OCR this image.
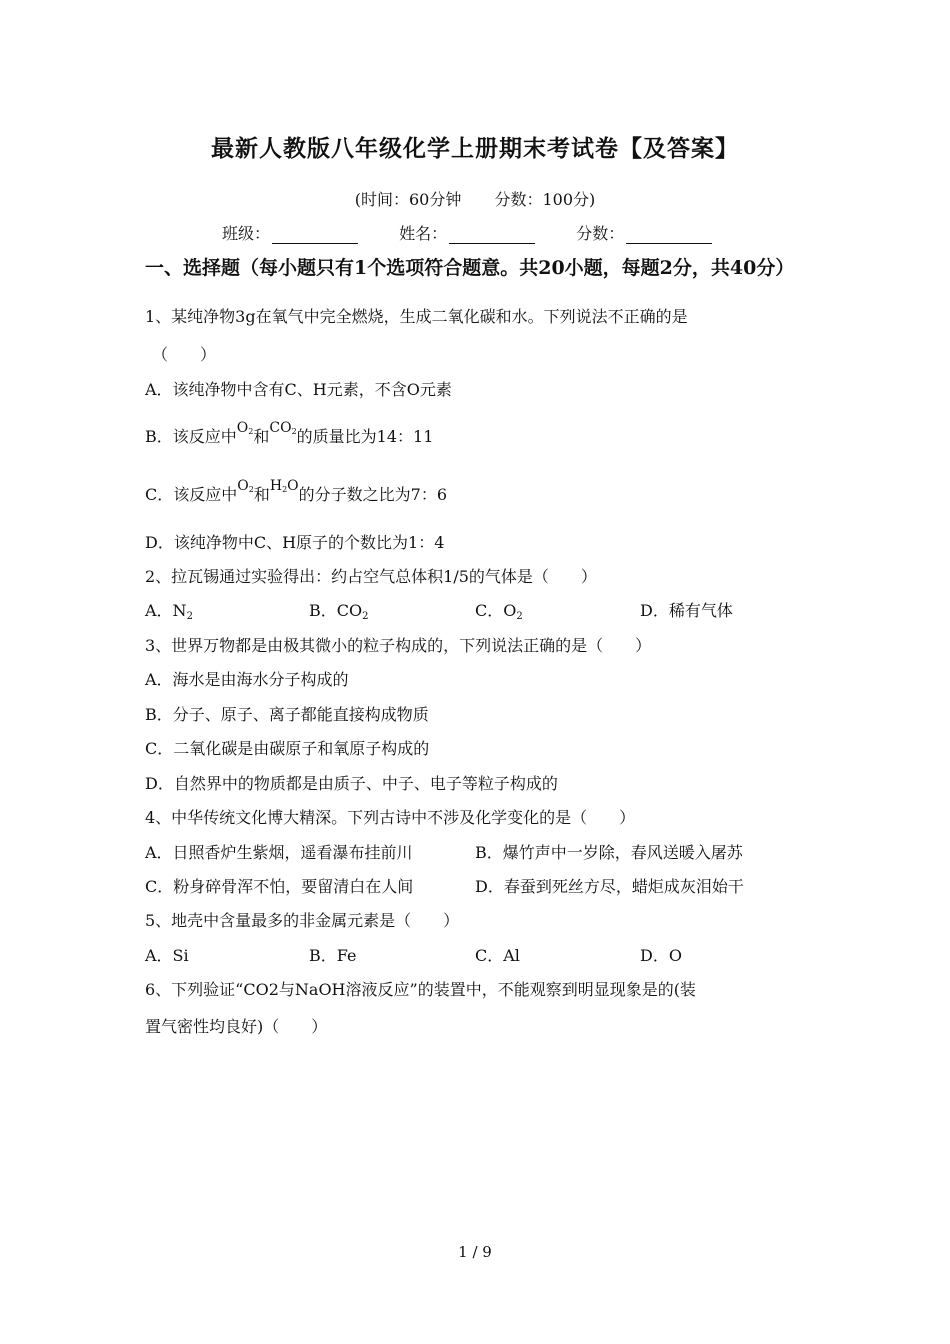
最新人教版八年级化学上册期末考试卷【及答案】
(时间：60分钟 分数：100分)
班级：	姓名：	分数：
一、选择题（每小题只有1个选项符合题意。共20小题，每题2分，共40分）
1、某纯净物3g在氧气中完全燃烧，生成二氧化碳和水。下列说法不正确的是
（　　）
A．该纯净物中含有C、H元素，不含O元素
B．该反应中O2和CO2的质量比为14：11
C．该反应中O2和H2O的分子数之比为7：6
D．该纯净物中C、H原子的个数比为1：4
2、拉瓦锡通过实验得出：约占空气总体积1/5的气体是（　　）
A．$N_2$	B．$CO_2$	C．$O_2$	D．稀有气体
3、世界万物都是由极其微小的粒子构成的，下列说法正确的是（　　）
A．海水是由海水分子构成的
B．分子、原子、离子都能直接构成物质
C．二氧化碳是由碳原子和氧原子构成的
D．自然界中的物质都是由质子、中子、电子等粒子构成的
4、中华传统文化博大精深。下列古诗中不涉及化学变化的是（　　）
A．日照香炉生紫烟，遥看瀑布挂前川	B．爆竹声中一岁除，春风送暖入屠苏
C．粉身碎骨浑不怕，要留清白在人间	D．春蚕到死丝方尽，蜡炬成灰泪始干
5、地壳中含量最多的非金属元素是（　　）
A．Si	B．Fe	C．Al	D．O
6、下列验证“CO2与NaOH溶液反应”的装置中，不能观察到明显现象是的(装
置气密性均良好)（　　）
1 / 9
